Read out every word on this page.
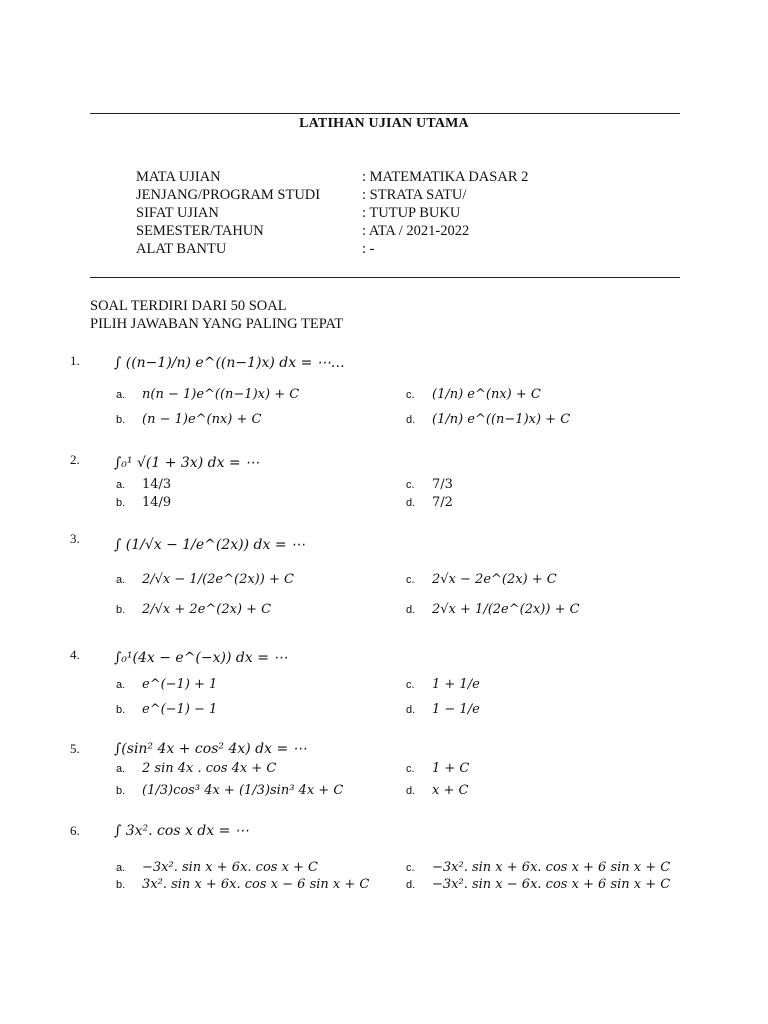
LATIHAN UJIAN UTAMA
MATA UJIAN	: MATEMATIKA DASAR 2
JENJANG/PROGRAM STUDI	: STRATA SATU/
SIFAT UJIAN	: TUTUP BUKU
SEMESTER/TAHUN	: ATA / 2021-2022
ALAT BANTU	: -
SOAL TERDIRI DARI 50 SOAL
PILIH JAWABAN YANG PALING TEPAT
1. ∫ ((n−1)/n) e^((n−1)x) dx = ⋯…
a. n(n − 1)e^((n−1)x) + C
b. (n − 1)e^(nx) + C
c. (1/n) e^(nx) + C
d. (1/n) e^((n−1)x) + C
2. ∫₀¹ √(1 + 3x) dx = ⋯
a. 14/3
b. 14/9
c. 7/3
d. 7/2
3. ∫ (1/√x − 1/e^(2x)) dx = ⋯
a. 2/√x − 1/(2e^(2x)) + C
b. 2/√x + 2e^(2x) + C
c. 2√x − 2e^(2x) + C
d. 2√x + 1/(2e^(2x)) + C
4. ∫₀¹(4x − e^(−x)) dx = ⋯
a. e^(−1) + 1
b. e^(−1) − 1
c. 1 + 1/e
d. 1 − 1/e
5. ∫(sin² 4x + cos² 4x) dx = ⋯
a. 2 sin 4x . cos 4x + C
b. (1/3)cos³ 4x + (1/3)sin³ 4x + C
c. 1 + C
d. x + C
6. ∫ 3x². cos x dx = ⋯
a. −3x². sin x + 6x. cos x + C
b. 3x². sin x + 6x. cos x − 6 sin x + C
c. −3x². sin x + 6x. cos x + 6 sin x + C
d. −3x². sin x − 6x. cos x + 6 sin x + C
